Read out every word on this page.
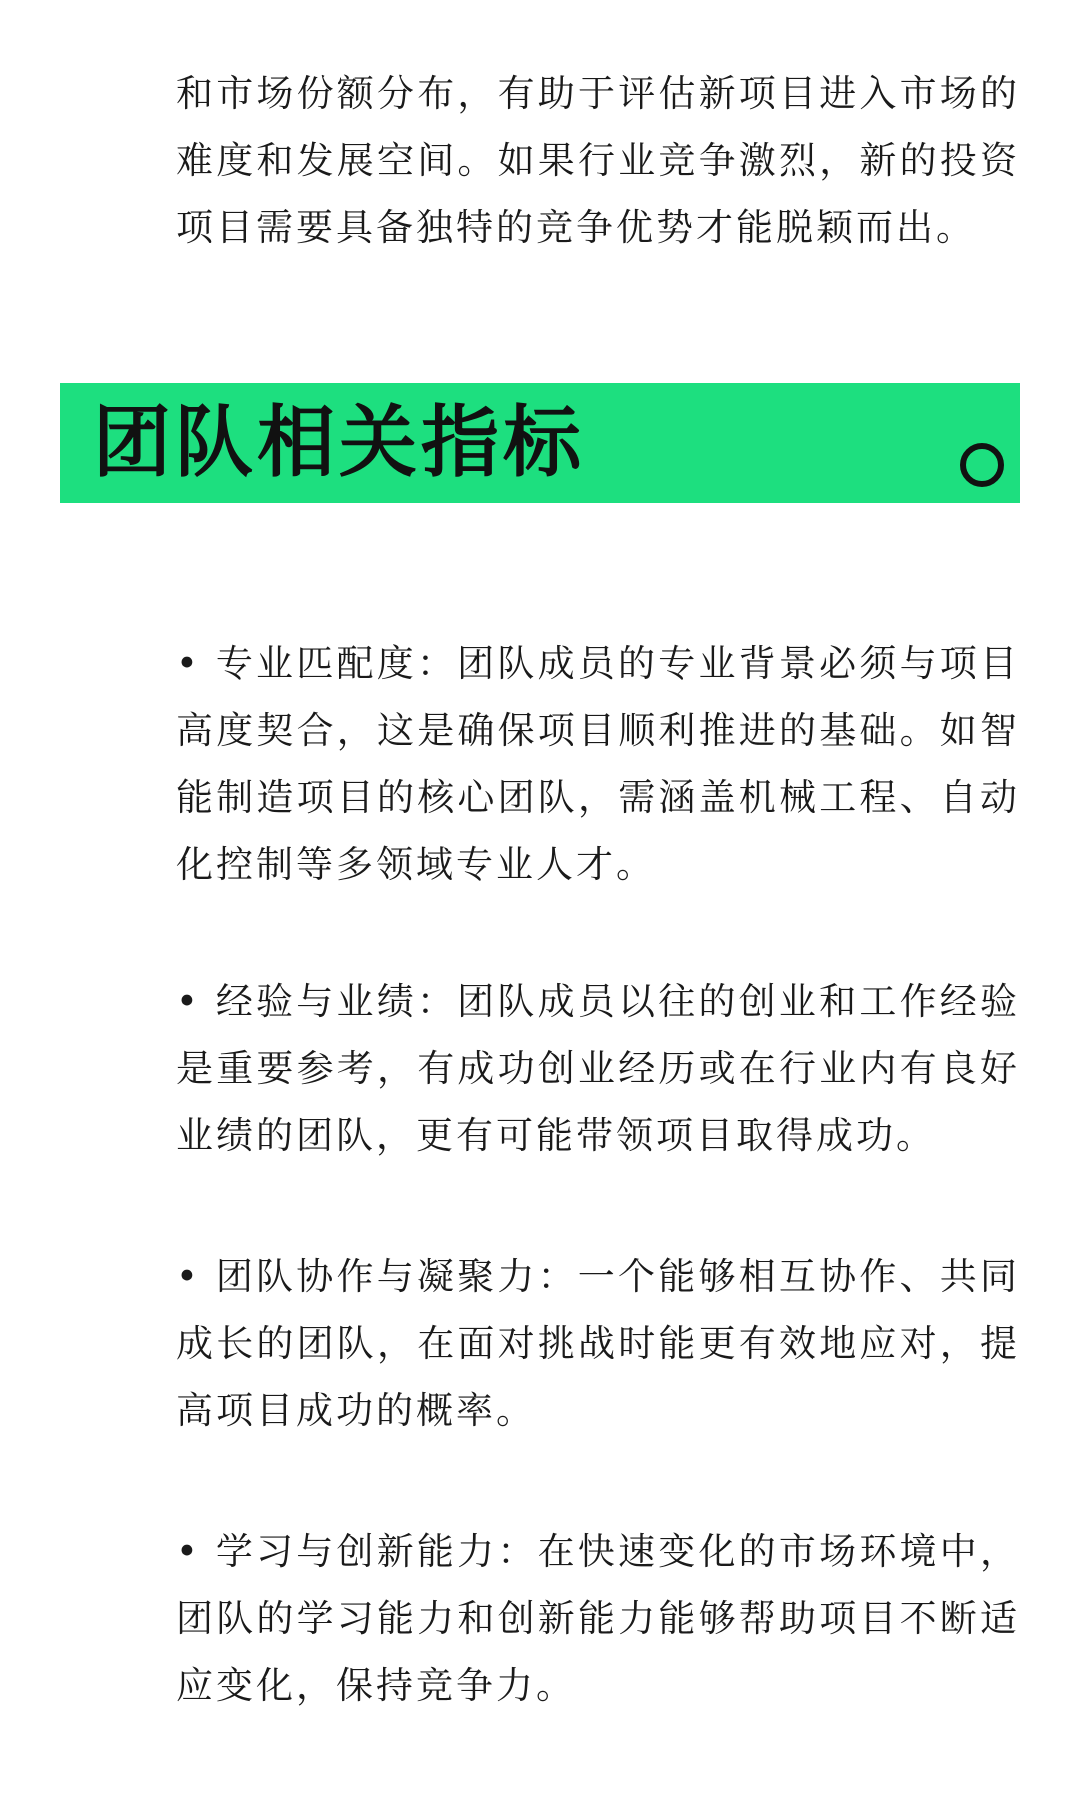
和市场份额分布，有助于评估新项目进入市场的难度和发展空间。如果行业竞争激烈，新的投资项目需要具备独特的竞争优势才能脱颖而出。

团队相关指标

• 专业匹配度：团队成员的专业背景必须与项目高度契合，这是确保项目顺利推进的基础。如智能制造项目的核心团队，需涵盖机械工程、自动化控制等多领域专业人才。

• 经验与业绩：团队成员以往的创业和工作经验是重要参考，有成功创业经历或在行业内有良好业绩的团队，更有可能带领项目取得成功。

• 团队协作与凝聚力：一个能够相互协作、共同成长的团队，在面对挑战时能更有效地应对，提高项目成功的概率。

• 学习与创新能力：在快速变化的市场环境中，团队的学习能力和创新能力能够帮助项目不断适应变化，保持竞争力。
